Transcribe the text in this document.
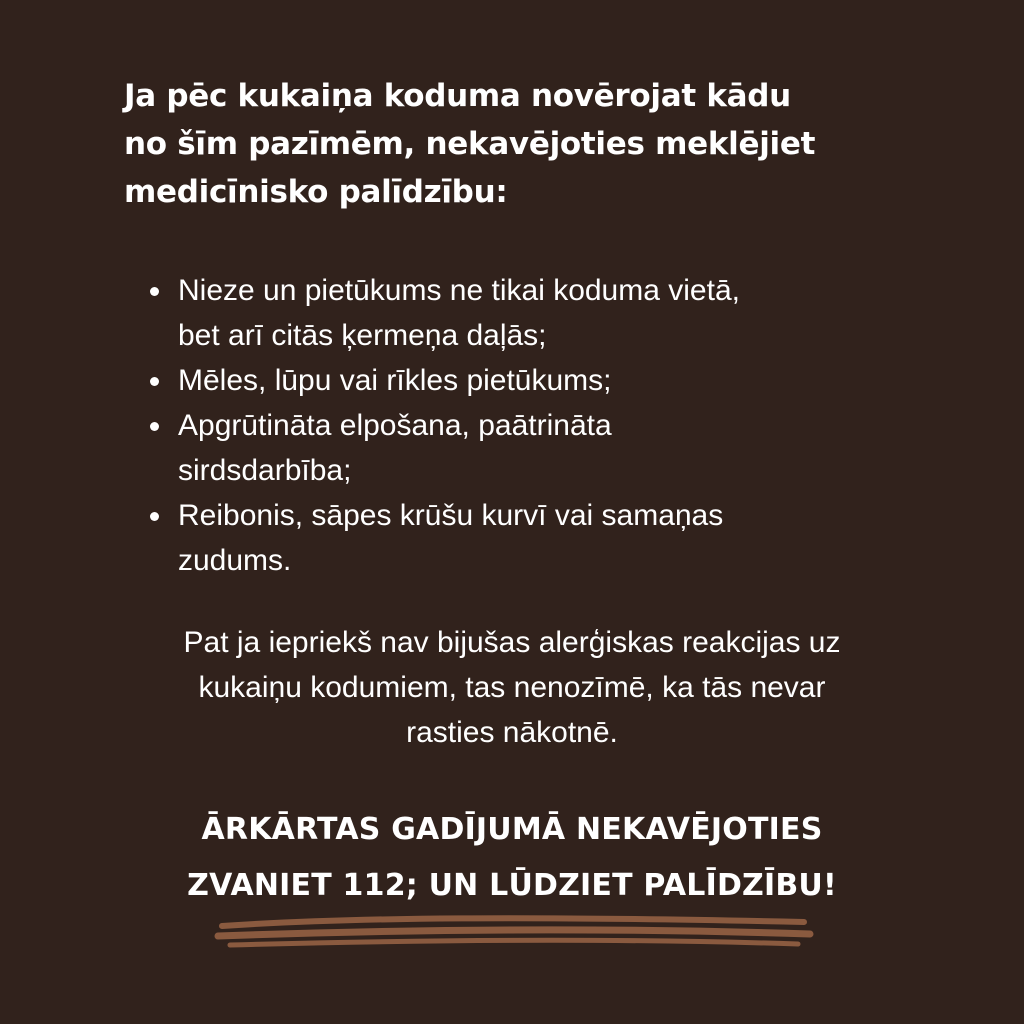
Ja pēc kukaiņa koduma novērojat kādu
no šīm pazīmēm, nekavējoties meklējiet
medicīnisko palīdzību:
Nieze un pietūkums ne tikai koduma vietā,
bet arī citās ķermeņa daļās;
Mēles, lūpu vai rīkles pietūkums;
Apgrūtināta elpošana, paātrināta
sirdsdarbība;
Reibonis, sāpes krūšu kurvī vai samaņas
zudums.

Pat ja iepriekš nav bijušas alerģiskas reakcijas uz
kukaiņu kodumiem, tas nenozīmē, ka tās nevar
rasties nākotnē.

ĀRKĀRTAS GADĪJUMĀ NEKAVĒJOTIES
ZVANIET 112; UN LŪDZIET PALĪDZĪBU!
